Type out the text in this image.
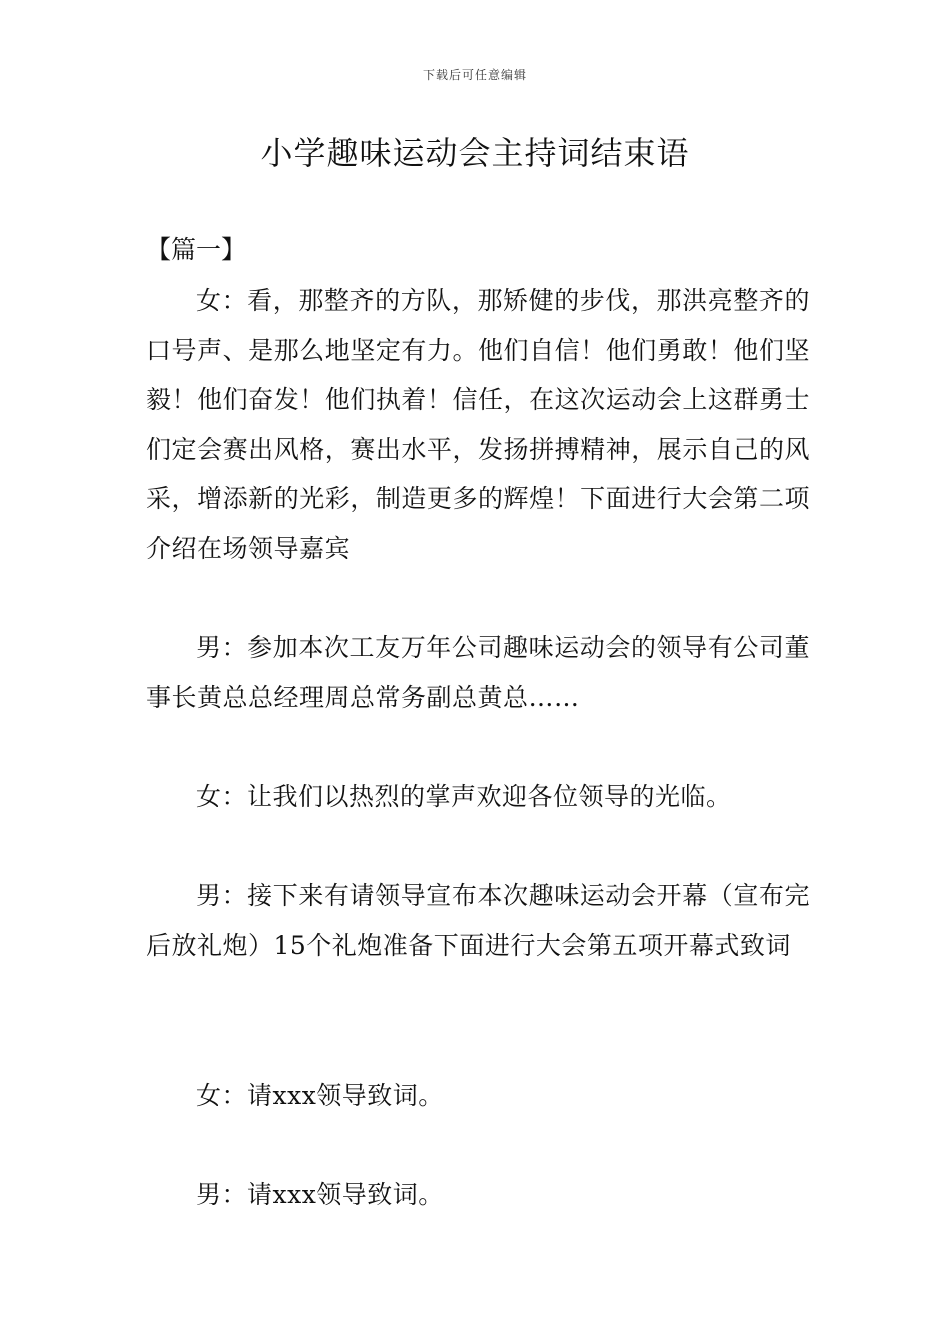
下载后可任意编辑
小学趣味运动会主持词结束语

【篇一】

女：看，那整齐的方队，那矫健的步伐，那洪亮整齐的口号声、是那么地坚定有力。他们自信！他们勇敢！他们坚毅！他们奋发！他们执着！信任，在这次运动会上这群勇士们定会赛出风格，赛出水平，发扬拼搏精神，展示自己的风采，增添新的光彩，制造更多的辉煌！下面进行大会第二项介绍在场领导嘉宾

男：参加本次工友万年公司趣味运动会的领导有公司董事长黄总总经理周总常务副总黄总……

女：让我们以热烈的掌声欢迎各位领导的光临。

男：接下来有请领导宣布本次趣味运动会开幕（宣布完后放礼炮）15个礼炮准备下面进行大会第五项开幕式致词

女：请xxx领导致词。

男：请xxx领导致词。
